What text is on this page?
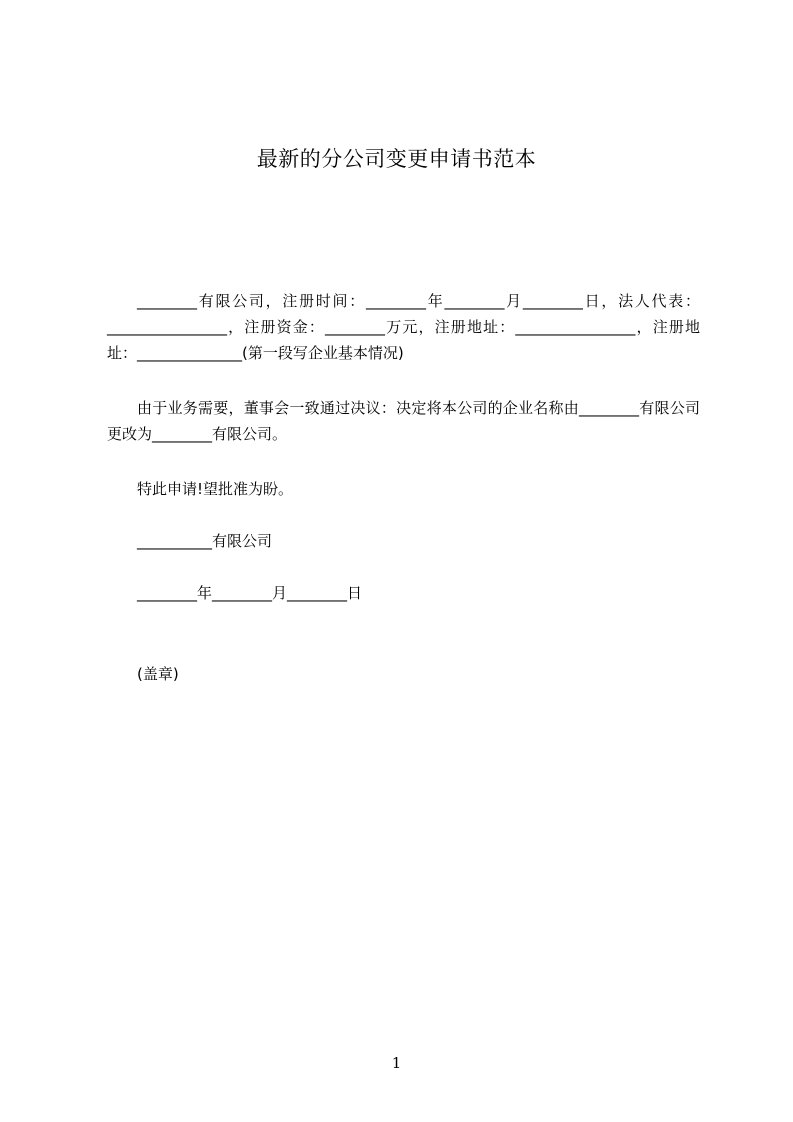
最新的分公司变更申请书范本
________有限公司，注册时间：________年________月________日，法人代表：________________，注册资金：________万元，注册地址：________________，注册地址：______________(第一段写企业基本情况)
由于业务需要，董事会一致通过决议：决定将本公司的企业名称由________有限公司更改为________有限公司。
特此申请!望批准为盼。
__________有限公司
________年________月________日
(盖章)
1
